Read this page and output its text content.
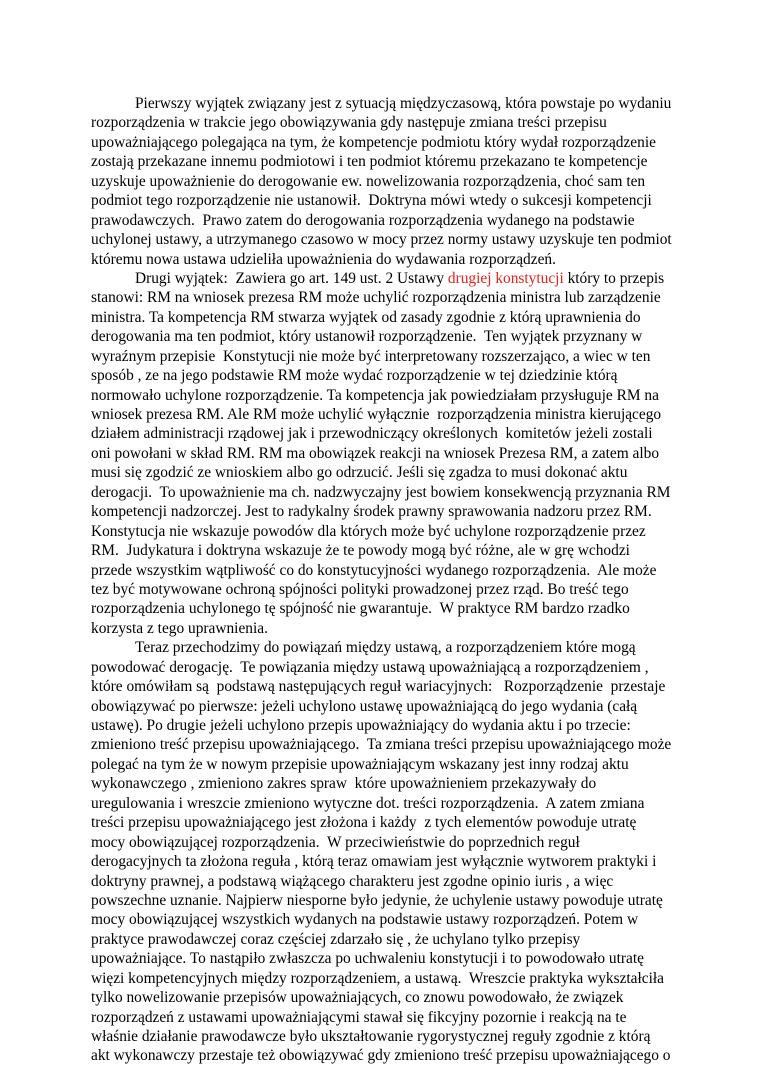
Pierwszy wyjątek związany jest z sytuacją międzyczasową, która powstaje po wydaniu
rozporządzenia w trakcie jego obowiązywania gdy następuje zmiana treści przepisu
upoważniającego polegająca na tym, że kompetencje podmiotu który wydał rozporządzenie
zostają przekazane innemu podmiotowi i ten podmiot któremu przekazano te kompetencje
uzyskuje upoważnienie do derogowanie ew. nowelizowania rozporządzenia, choć sam ten
podmiot tego rozporządzenie nie ustanowił.  Doktryna mówi wtedy o sukcesji kompetencji
prawodawczych.  Prawo zatem do derogowania rozporządzenia wydanego na podstawie
uchylonej ustawy, a utrzymanego czasowo w mocy przez normy ustawy uzyskuje ten podmiot
któremu nowa ustawa udzieliła upoważnienia do wydawania rozporządzeń.
Drugi wyjątek:  Zawiera go art. 149 ust. 2 Ustawy drugiej konstytucji który to przepis
stanowi: RM na wniosek prezesa RM może uchylić rozporządzenia ministra lub zarządzenie
ministra. Ta kompetencja RM stwarza wyjątek od zasady zgodnie z którą uprawnienia do
derogowania ma ten podmiot, który ustanowił rozporządzenie.  Ten wyjątek przyznany w
wyraźnym przepisie  Konstytucji nie może być interpretowany rozszerzająco, a wiec w ten
sposób , ze na jego podstawie RM może wydać rozporządzenie w tej dziedzinie którą
normowało uchylone rozporządzenie. Ta kompetencja jak powiedziałam przysługuje RM na
wniosek prezesa RM. Ale RM może uchylić wyłącznie  rozporządzenia ministra kierującego
działem administracji rządowej jak i przewodniczący określonych  komitetów jeżeli zostali
oni powołani w skład RM. RM ma obowiązek reakcji na wniosek Prezesa RM, a zatem albo
musi się zgodzić ze wnioskiem albo go odrzucić. Jeśli się zgadza to musi dokonać aktu
derogacji.  To upoważnienie ma ch. nadzwyczajny jest bowiem konsekwencją przyznania RM
kompetencji nadzorczej. Jest to radykalny środek prawny sprawowania nadzoru przez RM.
Konstytucja nie wskazuje powodów dla których może być uchylone rozporządzenie przez
RM.  Judykatura i doktryna wskazuje że te powody mogą być różne, ale w grę wchodzi
przede wszystkim wątpliwość co do konstytucyjności wydanego rozporządzenia.  Ale może
tez być motywowane ochroną spójności polityki prowadzonej przez rząd. Bo treść tego
rozporządzenia uchylonego tę spójność nie gwarantuje.  W praktyce RM bardzo rzadko
korzysta z tego uprawnienia.
Teraz przechodzimy do powiązań między ustawą, a rozporządzeniem które mogą
powodować derogację.  Te powiązania między ustawą upoważniającą a rozporządzeniem ,
które omówiłam są  podstawą następujących reguł wariacyjnych:   Rozporządzenie  przestaje
obowiązywać po pierwsze: jeżeli uchylono ustawę upoważniającą do jego wydania (całą
ustawę). Po drugie jeżeli uchylono przepis upoważniający do wydania aktu i po trzecie:
zmieniono treść przepisu upoważniającego.  Ta zmiana treści przepisu upoważniającego może
polegać na tym że w nowym przepisie upoważniającym wskazany jest inny rodzaj aktu
wykonawczego , zmieniono zakres spraw  które upoważnieniem przekazywały do
uregulowania i wreszcie zmieniono wytyczne dot. treści rozporządzenia.  A zatem zmiana
treści przepisu upoważniającego jest złożona i każdy  z tych elementów powoduje utratę
mocy obowiązującej rozporządzenia.  W przeciwieństwie do poprzednich reguł
derogacyjnych ta złożona reguła , którą teraz omawiam jest wyłącznie wytworem praktyki i
doktryny prawnej, a podstawą wiążącego charakteru jest zgodne opinio iuris , a więc
powszechne uznanie. Najpierw niesporne było jedynie, że uchylenie ustawy powoduje utratę
mocy obowiązującej wszystkich wydanych na podstawie ustawy rozporządzeń. Potem w
praktyce prawodawczej coraz częściej zdarzało się , że uchylano tylko przepisy
upoważniające. To nastąpiło zwłaszcza po uchwaleniu konstytucji i to powodowało utratę
więzi kompetencyjnych między rozporządzeniem, a ustawą.  Wreszcie praktyka wykształciła
tylko nowelizowanie przepisów upoważniających, co znowu powodowało, że związek
rozporządzeń z ustawami upoważniającymi stawał się fikcyjny pozornie i reakcją na te
właśnie działanie prawodawcze było ukształtowanie rygorystycznej reguły zgodnie z którą
akt wykonawczy przestaje też obowiązywać gdy zmieniono treść przepisu upoważniającego o
